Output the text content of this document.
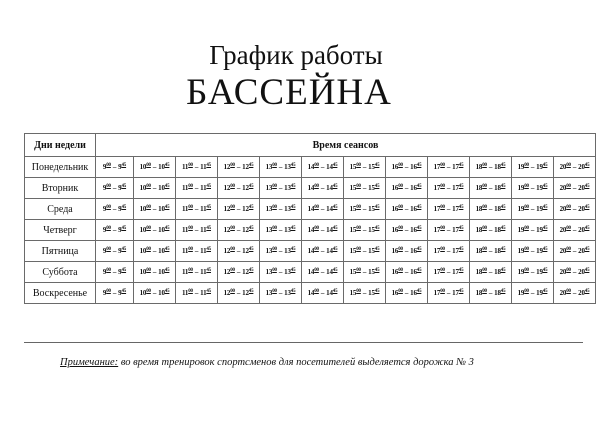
График работы
БАССЕЙНА
Дни недели	Время сеансов											
Понедельник	$9^{00} - 9^{45}$	$10^{00} - 10^{45}$	$11^{00} - 11^{45}$	$12^{00} - 12^{45}$	$13^{00} - 13^{45}$	$14^{00} - 14^{45}$	$15^{00} - 15^{45}$	$16^{00} - 16^{45}$	$17^{00} - 17^{45}$	$18^{00} - 18^{45}$	$19^{00} - 19^{45}$	$20^{00} - 20^{45}$
Вторник	$9^{00} - 9^{45}$	$10^{00} - 10^{45}$	$11^{00} - 11^{45}$	$12^{00} - 12^{45}$	$13^{00} - 13^{45}$	$14^{00} - 14^{45}$	$15^{00} - 15^{45}$	$16^{00} - 16^{45}$	$17^{00} - 17^{45}$	$18^{00} - 18^{45}$	$19^{00} - 19^{45}$	$20^{00} - 20^{45}$
Среда	$9^{00} - 9^{45}$	$10^{00} - 10^{45}$	$11^{00} - 11^{45}$	$12^{00} - 12^{45}$	$13^{00} - 13^{45}$	$14^{00} - 14^{45}$	$15^{00} - 15^{45}$	$16^{00} - 16^{45}$	$17^{00} - 17^{45}$	$18^{00} - 18^{45}$	$19^{00} - 19^{45}$	$20^{00} - 20^{45}$
Четверг	$9^{00} - 9^{45}$	$10^{00} - 10^{45}$	$11^{00} - 11^{45}$	$12^{00} - 12^{45}$	$13^{00} - 13^{45}$	$14^{00} - 14^{45}$	$15^{00} - 15^{45}$	$16^{00} - 16^{45}$	$17^{00} - 17^{45}$	$18^{00} - 18^{45}$	$19^{00} - 19^{45}$	$20^{00} - 20^{45}$
Пятница	$9^{00} - 9^{45}$	$10^{00} - 10^{45}$	$11^{00} - 11^{45}$	$12^{00} - 12^{45}$	$13^{00} - 13^{45}$	$14^{00} - 14^{45}$	$15^{00} - 15^{45}$	$16^{00} - 16^{45}$	$17^{00} - 17^{45}$	$18^{00} - 18^{45}$	$19^{00} - 19^{45}$	$20^{00} - 20^{45}$
Суббота	$9^{00} - 9^{45}$	$10^{00} - 10^{45}$	$11^{00} - 11^{45}$	$12^{00} - 12^{45}$	$13^{00} - 13^{45}$	$14^{00} - 14^{45}$	$15^{00} - 15^{45}$	$16^{00} - 16^{45}$	$17^{00} - 17^{45}$	$18^{00} - 18^{45}$	$19^{00} - 19^{45}$	$20^{00} - 20^{45}$
Воскресенье	$9^{00} - 9^{45}$	$10^{00} - 10^{45}$	$11^{00} - 11^{45}$	$12^{00} - 12^{45}$	$13^{00} - 13^{45}$	$14^{00} - 14^{45}$	$15^{00} - 15^{45}$	$16^{00} - 16^{45}$	$17^{00} - 17^{45}$	$18^{00} - 18^{45}$	$19^{00} - 19^{45}$	$20^{00} - 20^{45}$
Примечание: во время тренировок спортсменов для посетителей выделяется дорожка № 3
